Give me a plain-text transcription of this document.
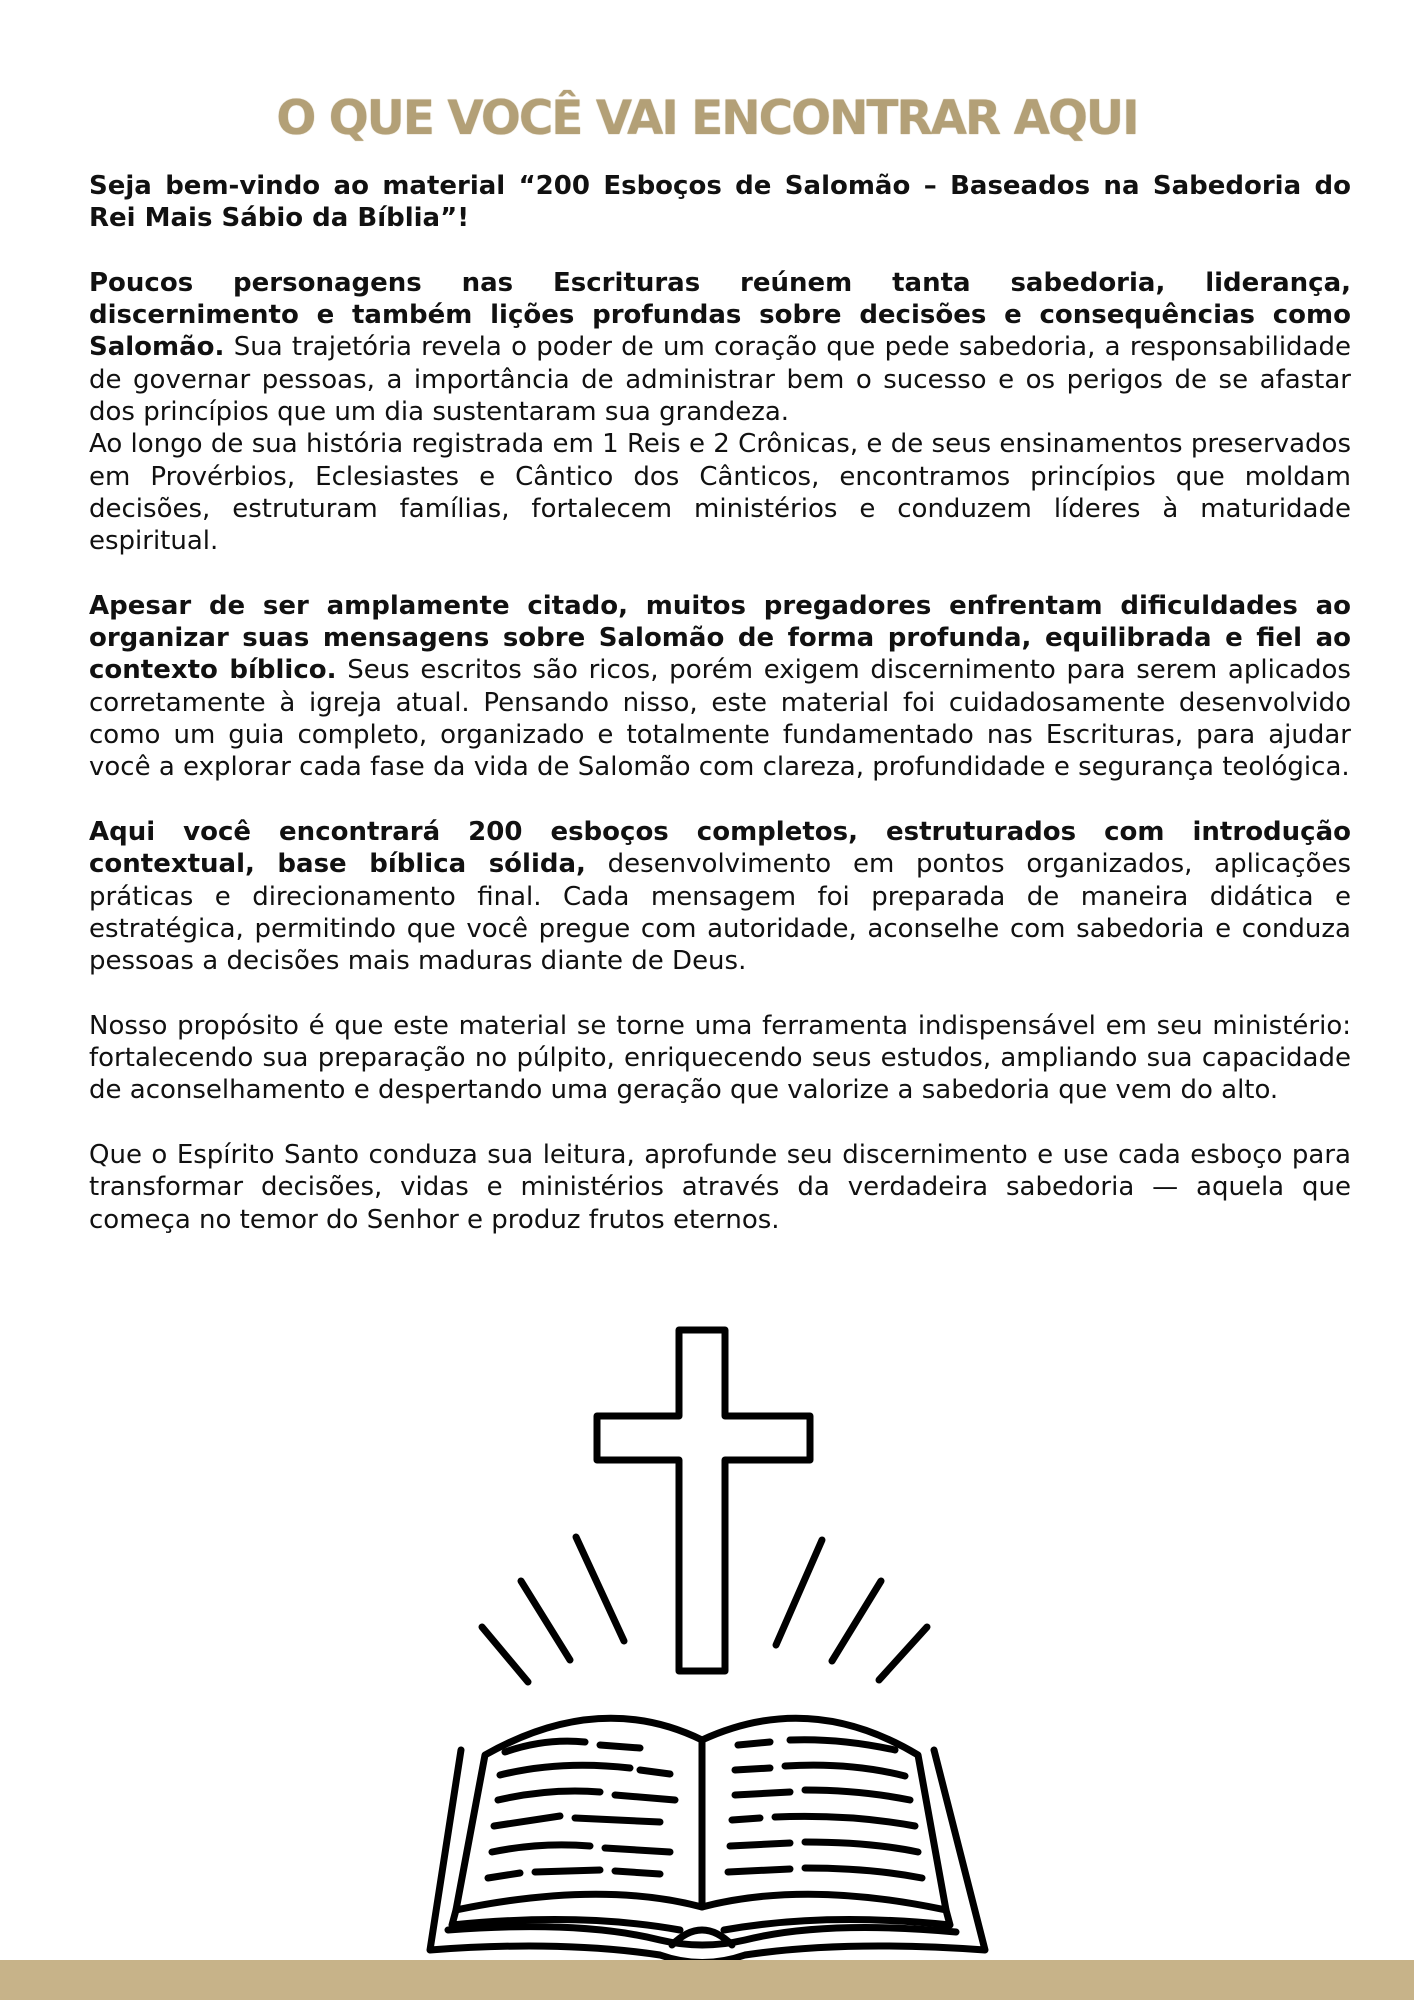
O QUE VOCÊ VAI ENCONTRAR AQUI

Seja bem-vindo ao material “200 Esboços de Salomão – Baseados na Sabedoria do Rei Mais Sábio da Bíblia”!

Poucos personagens nas Escrituras reúnem tanta sabedoria, liderança, discernimento e também lições profundas sobre decisões e consequências como Salomão. Sua trajetória revela o poder de um coração que pede sabedoria, a responsabilidade de governar pessoas, a importância de administrar bem o sucesso e os perigos de se afastar dos princípios que um dia sustentaram sua grandeza.

Ao longo de sua história registrada em 1 Reis e 2 Crônicas, e de seus ensinamentos preservados em Provérbios, Eclesiastes e Cântico dos Cânticos, encontramos princípios que moldam decisões, estruturam famílias, fortalecem ministérios e conduzem líderes à maturidade espiritual.

Apesar de ser amplamente citado, muitos pregadores enfrentam dificuldades ao organizar suas mensagens sobre Salomão de forma profunda, equilibrada e fiel ao contexto bíblico. Seus escritos são ricos, porém exigem discernimento para serem aplicados corretamente à igreja atual. Pensando nisso, este material foi cuidadosamente desenvolvido como um guia completo, organizado e totalmente fundamentado nas Escrituras, para ajudar você a explorar cada fase da vida de Salomão com clareza, profundidade e segurança teológica.

Aqui você encontrará 200 esboços completos, estruturados com introdução contextual, base bíblica sólida, desenvolvimento em pontos organizados, aplicações práticas e direcionamento final. Cada mensagem foi preparada de maneira didática e estratégica, permitindo que você pregue com autoridade, aconselhe com sabedoria e conduza pessoas a decisões mais maduras diante de Deus.

Nosso propósito é que este material se torne uma ferramenta indispensável em seu ministério: fortalecendo sua preparação no púlpito, enriquecendo seus estudos, ampliando sua capacidade de aconselhamento e despertando uma geração que valorize a sabedoria que vem do alto.

Que o Espírito Santo conduza sua leitura, aprofunde seu discernimento e use cada esboço para transformar decisões, vidas e ministérios através da verdadeira sabedoria — aquela que começa no temor do Senhor e produz frutos eternos.
